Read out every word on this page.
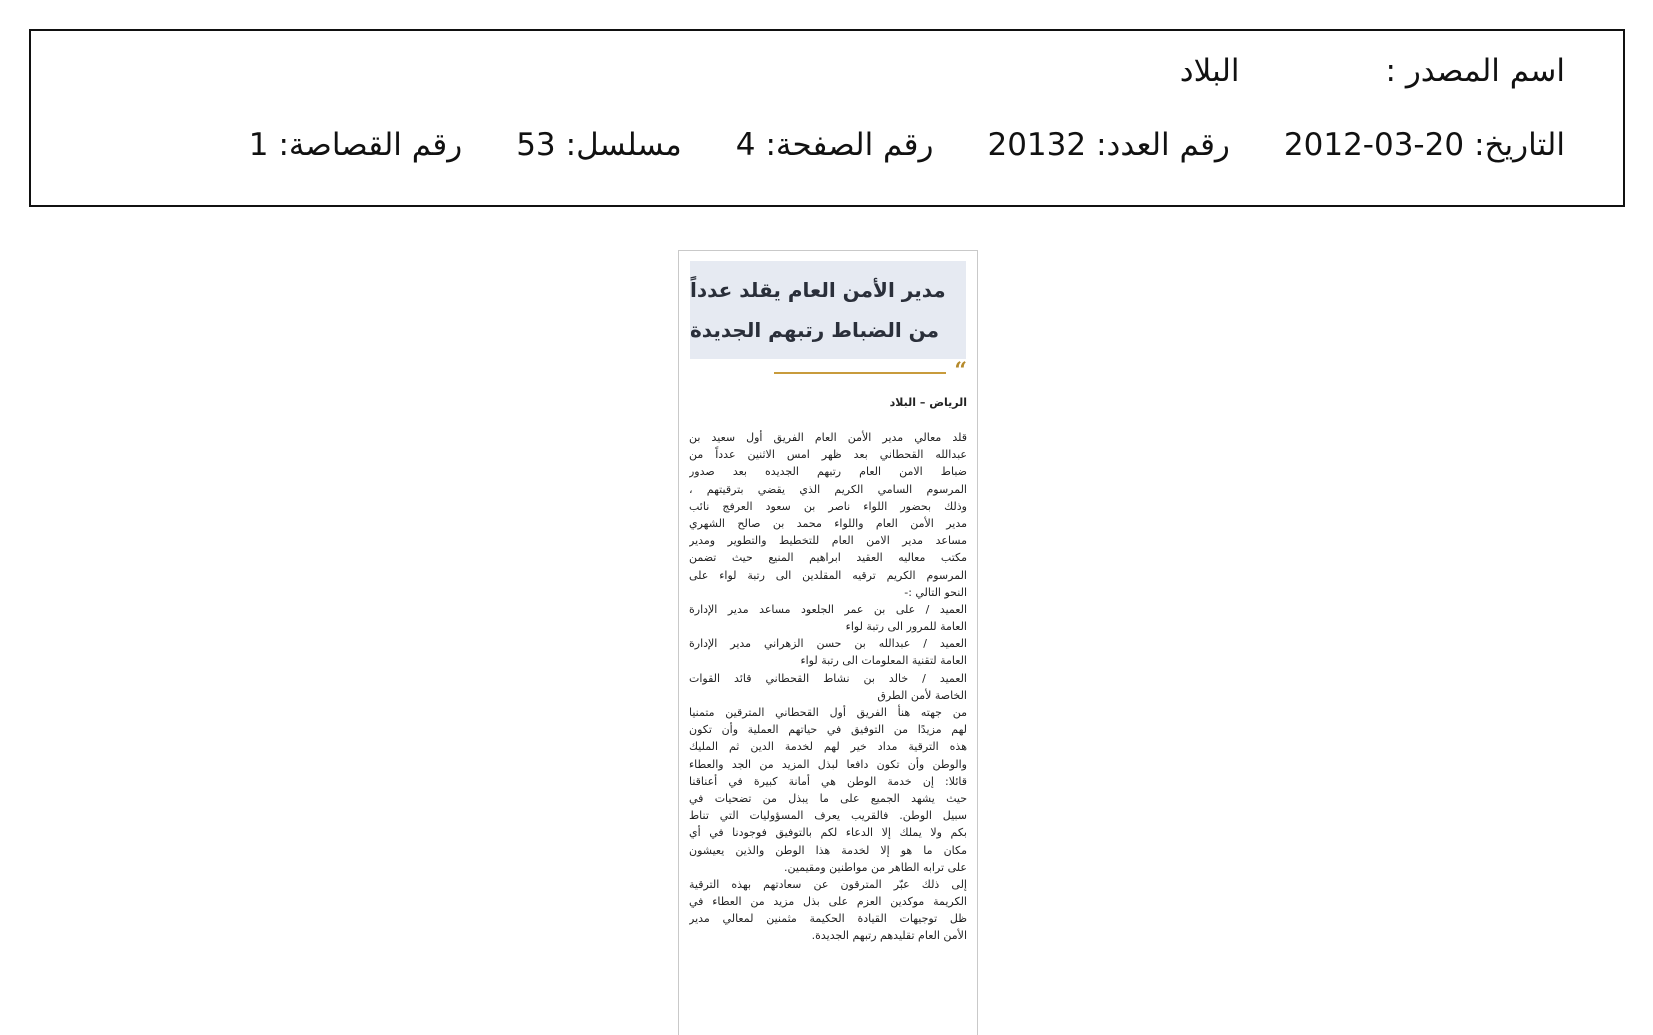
اسم المصدر :
البلاد
التاريخ:
2012-03-20
رقم العدد:
20132
رقم الصفحة:
4
مسلسل:
53
رقم القصاصة:
1
مدير الأمن العام يقلد عدداً
من الضباط رتبهم الجديدة
“
الرياض – البلاد
قلد معالي مدير الأمن العام الفريق أول سعيد بن
عبدالله القحطاني بعد ظهر امس الاثنين عدداً من
ضباط الامن العام رتبهم الجديده بعد صدور
المرسوم السامي الكريم الذي يقضي بترقيتهم ،
وذلك بحضور اللواء ناصر بن سعود العرفج نائب
مدير الأمن العام واللواء محمد بن صالح الشهري
مساعد مدير الامن العام للتخطيط والتطوير ومدير
مكتب معاليه العقيد ابراهيم المنيع حيث تضمن
المرسوم الكريم ترقيه المقلدين الى رتبة لواء على
النحو التالي :-
العميد / على بن عمر الجلعود مساعد مدير الإدارة
العامة للمرور الى رتبة لواء
العميد / عبدالله بن حسن الزهراني مدير الإدارة
العامة لتقنية المعلومات الى رتبة لواء
العميد / خالد بن نشاط القحطاني قائد القوات
الخاصة لأمن الطرق
من جهته هنأ الفريق أول القحطاني المترقين متمنيا
لهم مزيدًا من التوفيق في حياتهم العملية وأن تكون
هذه الترقية مداد خير لهم لخدمة الدين ثم المليك
والوطن وأن تكون دافعا لبذل المزيد من الجد والعطاء
قائلا: إن خدمة الوطن هي أمانة كبيرة في أعناقنا
حيث يشهد الجميع على ما يبذل من تضحيات في
سبيل الوطن. فالقريب يعرف المسؤوليات التي تناط
بكم ولا يملك إلا الدعاء لكم بالتوفيق فوجودنا في أي
مكان ما هو إلا لخدمة هذا الوطن والذين يعيشون
على ترابه الطاهر من مواطنين ومقيمين.
إلى ذلك عبّر المترقون عن سعادتهم بهذه الترقية
الكريمة موكدين العزم على بذل مزيد من العطاء في
ظل توجيهات القيادة الحكيمة مثمنين لمعالي مدير
الأمن العام تقليدهم رتبهم الجديدة.
